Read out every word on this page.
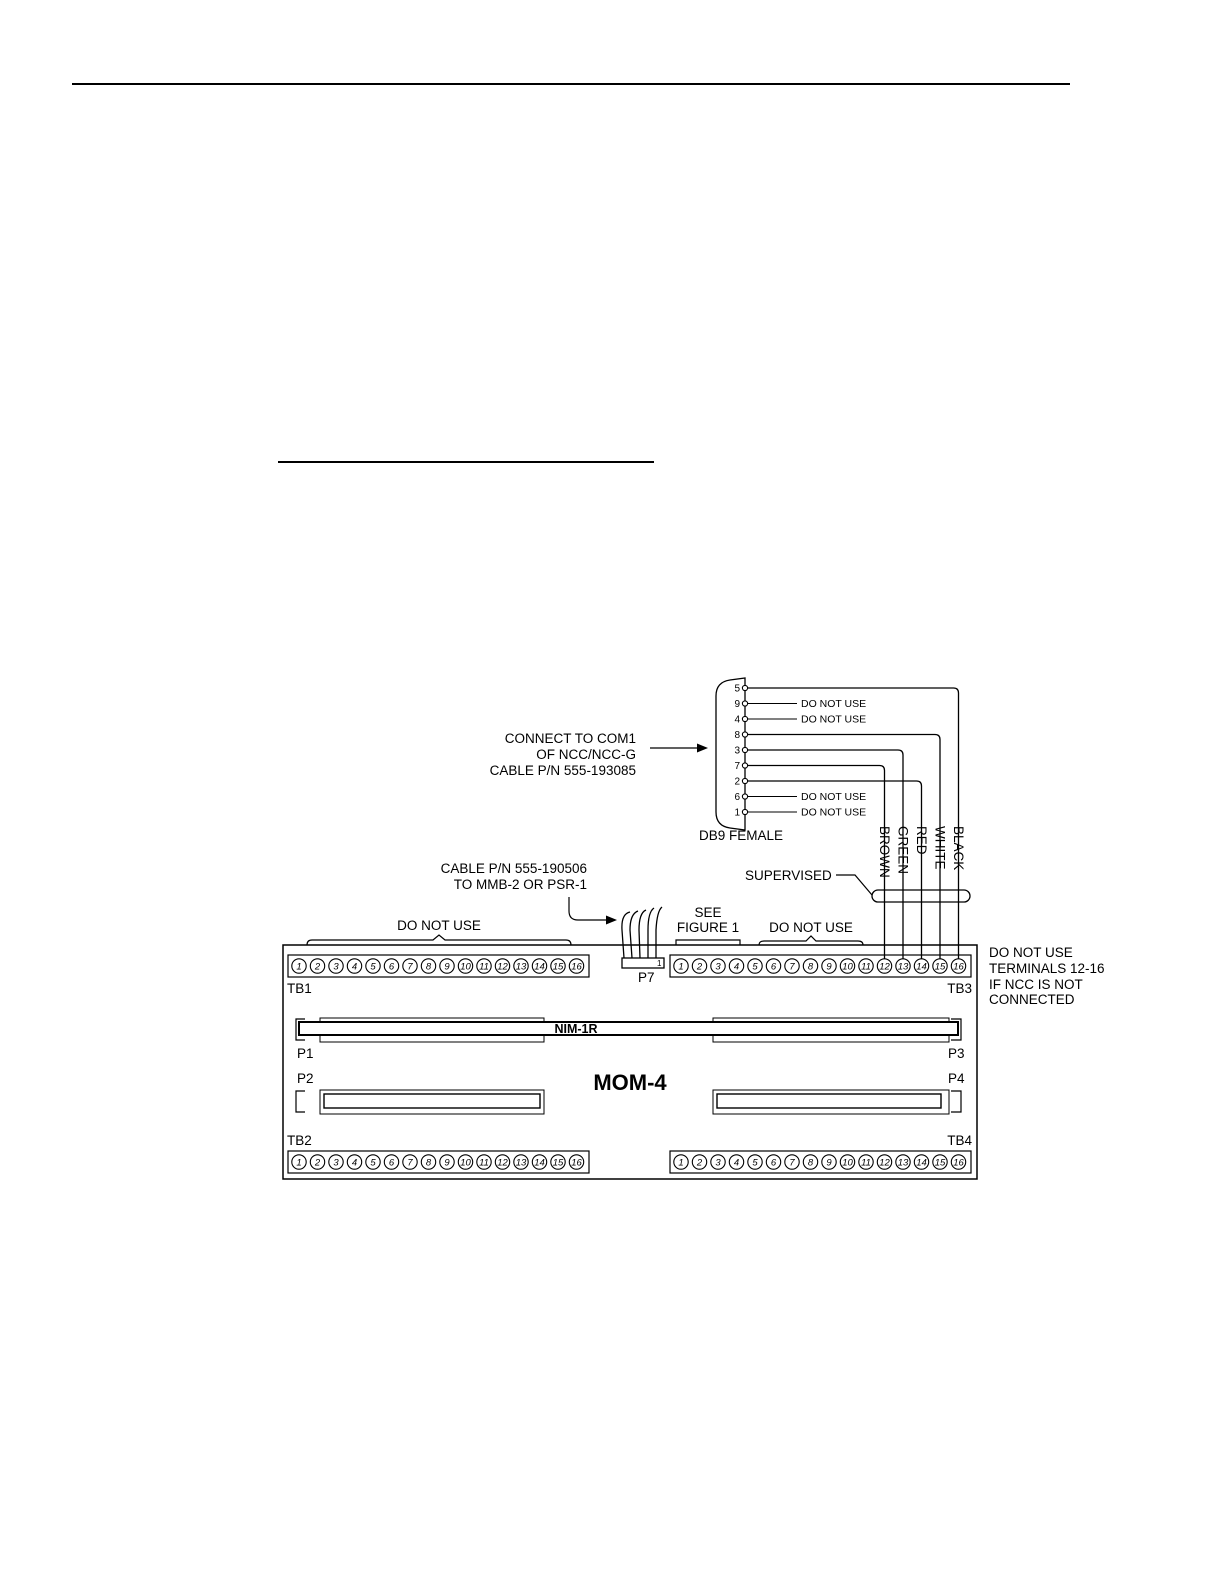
5
9	DO NOT USE
4	DO NOT USE
8
3
7
2
6	DO NOT USE
1	DO NOT USE
DB9 FEMALE
CONNECT TO COM1
OF NCC/NCC-G
CABLE P/N 555-193085
BROWN GREEN RED WHITE BLACK
SUPERVISED
CABLE P/N 555-190506
TO MMB-2 OR PSR-1
1
P7
DO NOT USE
SEE
FIGURE 1 DO NOT USE
DO NOT USE
TERMINALS 12-16
IF NCC IS NOT
CONNECTED
1 2 3 4 5 6 7 8 9 10 11 12 13 14 15 16	1 2 3 4 5 6 7 8 9 10 11 12 13 14 15 16
1 2 3 4 5 6 7 8 9 10 11 12 13 14 15 16	1 2 3 4 5 6 7 8 9 10 11 12 13 14 15 16
TB1	TB3
TB2	TB4
NIM-1R
P1	P3
P2	P4
MOM-4
